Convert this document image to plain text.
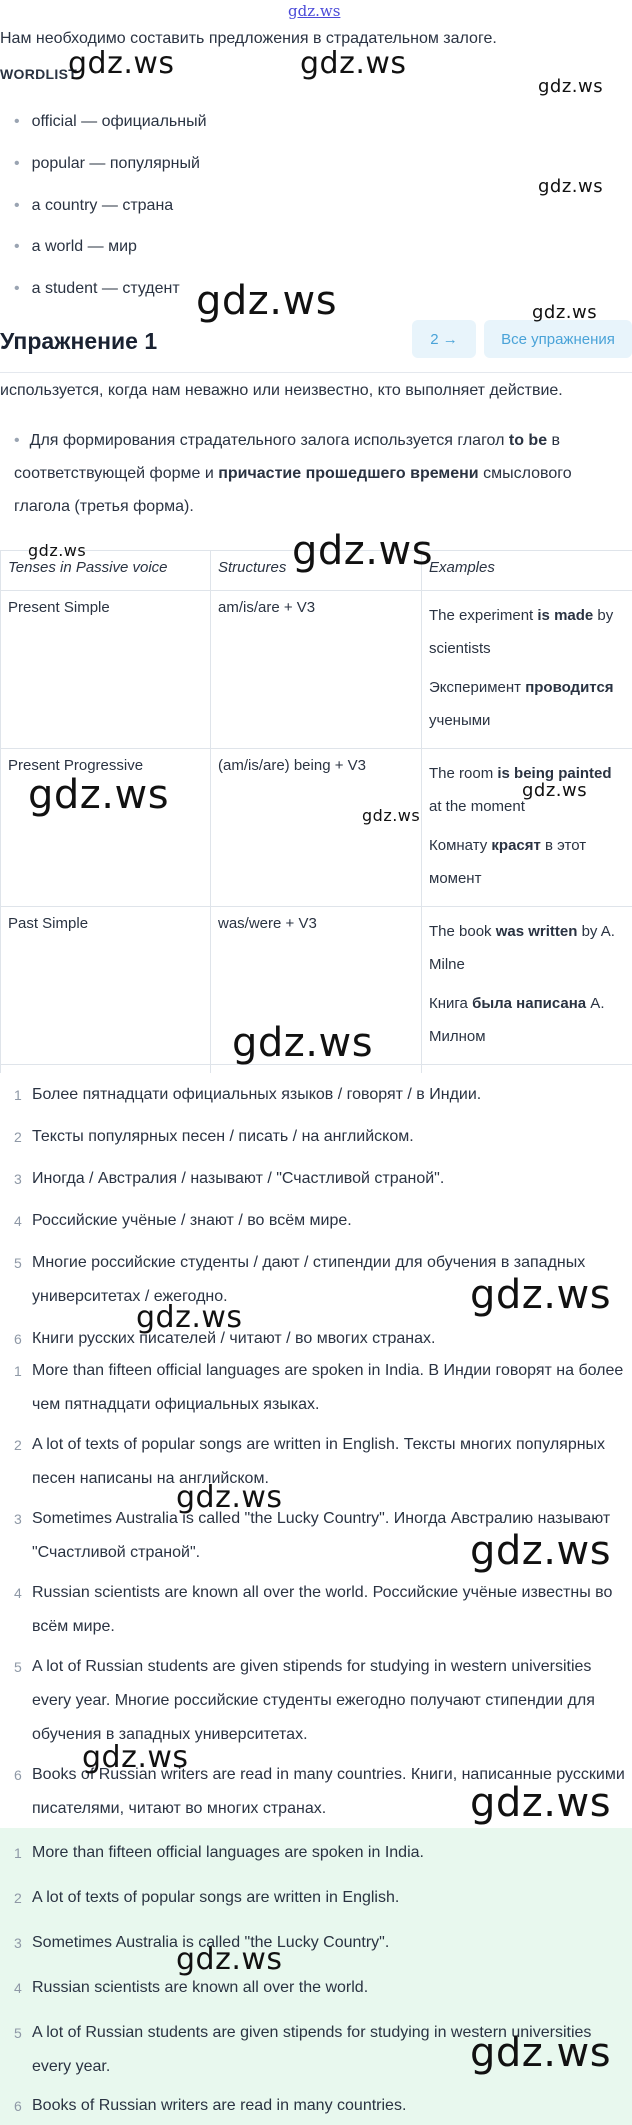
gdz.ws
Нам необходимо составить предложения в страдательном залоге.
WORDLIST
• official — официальный
• popular — популярный
• a country — страна
• a world — мир
• a student — студент
Упражнение 1	2 →	Все упражнения
используется, когда нам неважно или неизвестно, кто выполняет действие.
• Для формирования страдательного залога используется глагол to be в соответствующей форме и причастие прошедшего времени смыслового глагола (третья форма).
Tenses in Passive voice	Structures	Examples
Present Simple	am/is/are + V3	The experiment is made by scientists
Эксперимент проводится учеными

Present Progressive	(am/is/are) being + V3	The room is being painted at the moment
Комнату красят в этот момент

Past Simple	was/were + V3	The book was written by A. Milne
Книга была написана А. Милном

1 Более пятнадцати официальных языков / говорят / в Индии.
2 Тексты популярных песен / писать / на английском.
3 Иногда / Австралия / называют / "Счастливой страной".
4 Российские учёные / знают / во всём мире.
5 Многие российские студенты / дают / стипендии для обучения в западных университетах / ежегодно.
6 Книги русских писателей / читают / во мвогих странах.
1 More than fifteen official languages are spoken in India. В Индии говорят на более чем пятнадцати официальных языках.
2 A lot of texts of popular songs are written in English. Тексты многих популярных песен написаны на английском.
3 Sometimes Australia is called "the Lucky Country". Иногда Австралию называют "Счастливой страной".
4 Russian scientists are known all over the world. Российские учёные известны во всём мире.
5 A lot of Russian students are given stipends for studying in western universities every year. Многие российские студенты ежегодно получают стипендии для обучения в западных университетах.
6 Books of Russian writers are read in many countries. Книги, написанные русскими писателями, читают во многих странах.
1 More than fifteen official languages are spoken in India.
2 A lot of texts of popular songs are written in English.
3 Sometimes Australia is called "the Lucky Country".
4 Russian scientists are known all over the world.
5 A lot of Russian students are given stipends for studying in western universities every year.
6 Books of Russian writers are read in many countries.
gdz.ws	gdz.ws
gdz.ws
gdz.ws
gdz.ws	gdz.ws
gdz.ws	gdz.ws
gdz.ws	gdz.ws
gdz.ws
gdz.ws
gdz.ws
gdz.ws
gdz.ws
gdz.ws
gdz.ws
gdz.ws
gdz.ws
gdz.ws
